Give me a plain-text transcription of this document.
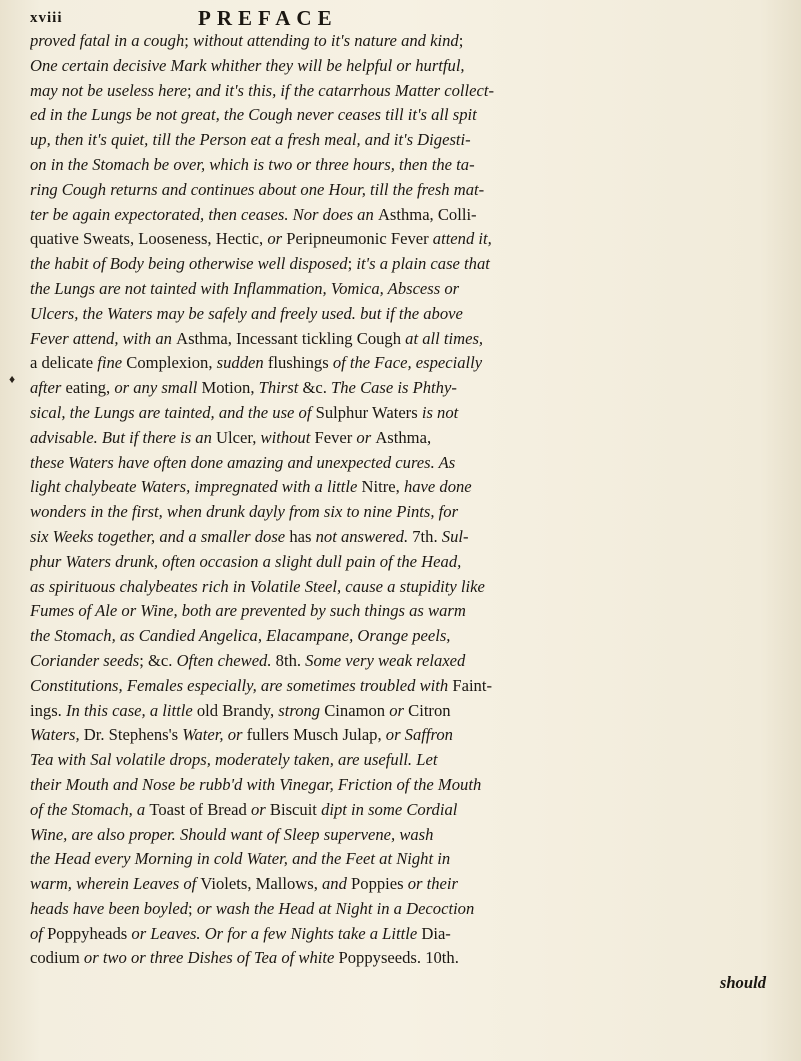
xviii	PREFACE
♦
proved fatal in a cough; without attending to it's nature and kind;
One certain decisive Mark whither they will be helpful or hurtful,
may not be useless here; and it's this, if the catarrhous Matter collect-
ed in the Lungs be not great, the Cough never ceases till it's all spit
up, then it's quiet, till the Person eat a fresh meal, and it's Digesti-
on in the Stomach be over, which is two or three hours, then the ta-
ring Cough returns and continues about one Hour, till the fresh mat-
ter be again expectorated, then ceases. Nor does an Asthma, Colli-
quative Sweats, Looseness, Hectic, or Peripneumonic Fever attend it,
the habit of Body being otherwise well disposed; it's a plain case that
the Lungs are not tainted with Inflammation, Vomica, Abscess or
Ulcers, the Waters may be safely and freely used. but if the above
Fever attend, with an Asthma, Incessant tickling Cough at all times,
a delicate fine Complexion, sudden flushings of the Face, especially
after eating, or any small Motion, Thirst &c. The Case is Phthy-
sical, the Lungs are tainted, and the use of Sulphur Waters is not
advisable. But if there is an Ulcer, without Fever or Asthma,
these Waters have often done amazing and unexpected cures. As
light chalybeate Waters, impregnated with a little Nitre, have done
wonders in the first, when drunk dayly from six to nine Pints, for
six Weeks together, and a smaller dose has not answered. 7th. Sul-
phur Waters drunk, often occasion a slight dull pain of the Head,
as spirituous chalybeates rich in Volatile Steel, cause a stupidity like
Fumes of Ale or Wine, both are prevented by such things as warm
the Stomach, as Candied Angelica, Elacampane, Orange peels,
Coriander seeds; &c. Often chewed. 8th. Some very weak relaxed
Constitutions, Females especially, are sometimes troubled with Faint-
ings. In this case, a little old Brandy, strong Cinamon or Citron
Waters, Dr. Stephens's Water, or fullers Musch Julap, or Saffron
Tea with Sal volatile drops, moderately taken, are usefull. Let
their Mouth and Nose be rubb'd with Vinegar, Friction of the Mouth
of the Stomach, a Toast of Bread or Biscuit dipt in some Cordial
Wine, are also proper. Should want of Sleep supervene, wash
the Head every Morning in cold Water, and the Feet at Night in
warm, wherein Leaves of Violets, Mallows, and Poppies or their
heads have been boyled; or wash the Head at Night in a Decoction
of Poppyheads or Leaves. Or for a few Nights take a Little Dia-
codium or two or three Dishes of Tea of white Poppyseeds. 10th.
should
